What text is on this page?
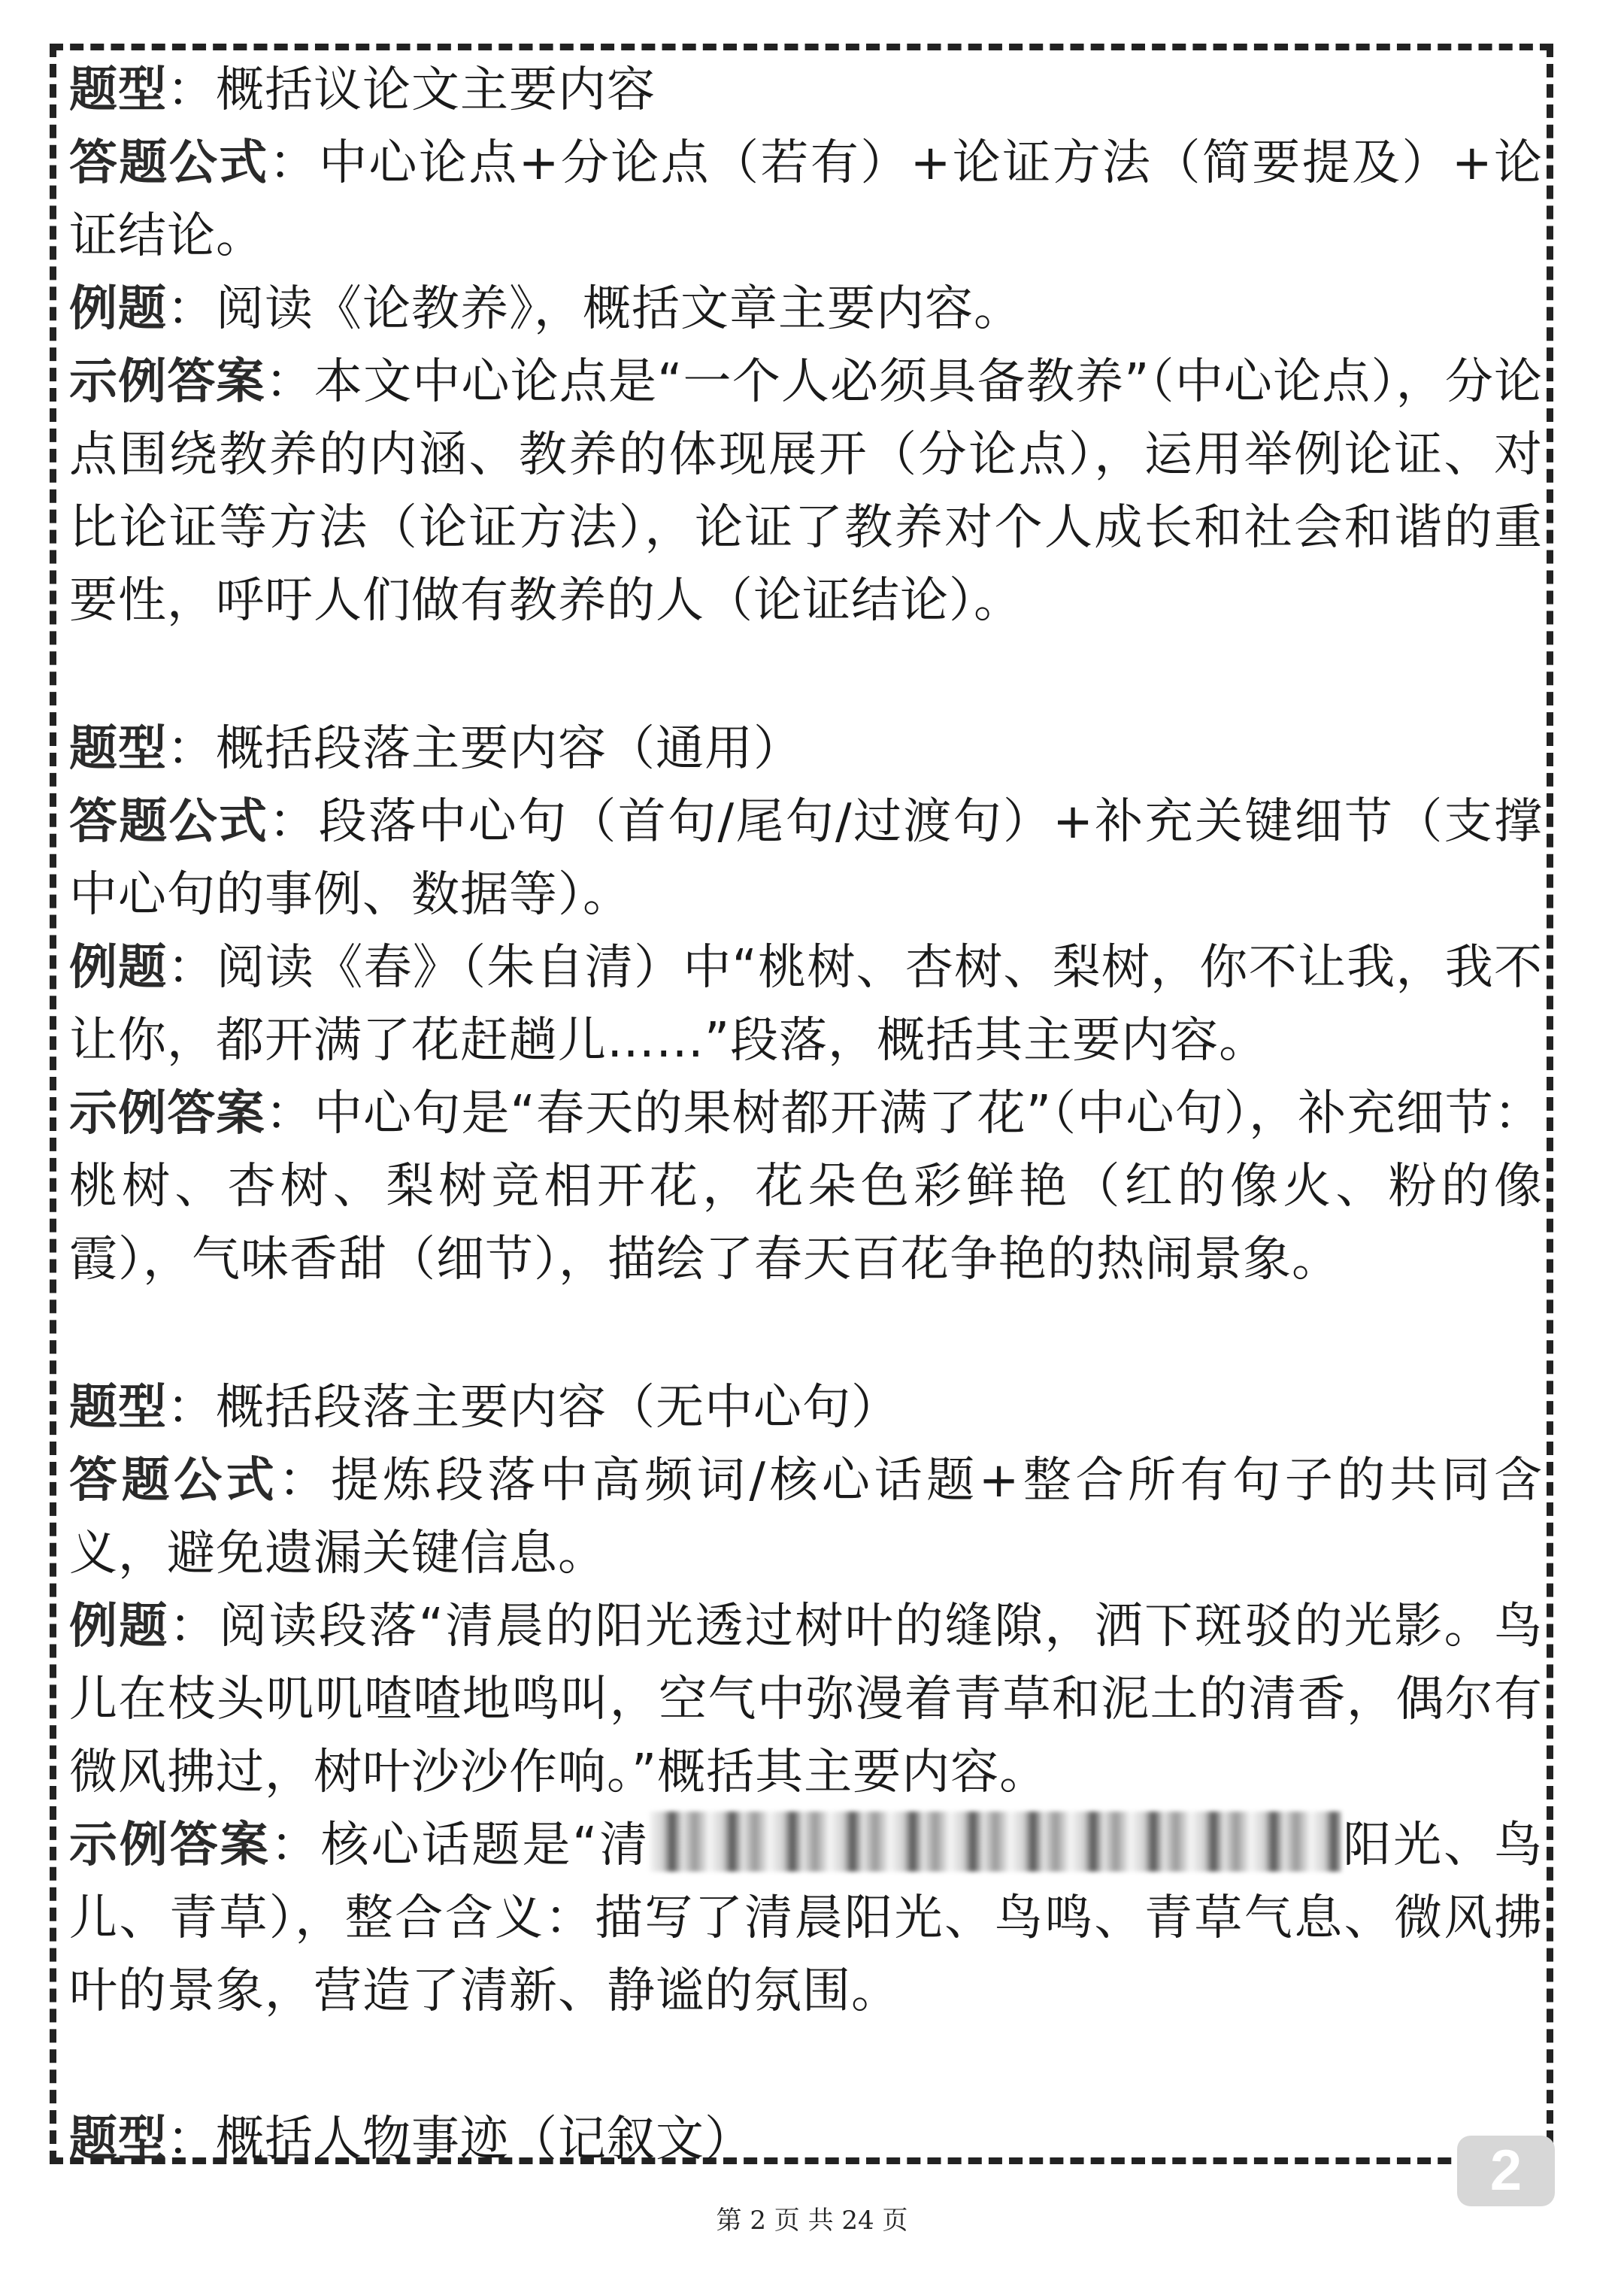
题型：概括议论文主要内容

答题公式：中心论点+分论点（若有）+论证方法（简要提及）+论证结论。

例题：阅读《论教养》，概括文章主要内容。

示例答案：本文中心论点是“一个人必须具备教养”（中心论点），分论点围绕教养的内涵、教养的体现展开（分论点），运用举例论证、对比论证等方法（论证方法），论证了教养对个人成长和社会和谐的重要性，呼吁人们做有教养的人（论证结论）。

题型：概括段落主要内容（通用）

答题公式：段落中心句（首句/尾句/过渡句）+补充关键细节（支撑中心句的事例、数据等）。

例题：阅读《春》（朱自清）中“桃树、杏树、梨树，你不让我，我不让你，都开满了花赶趟儿……”段落，概括其主要内容。

示例答案：中心句是“春天的果树都开满了花”（中心句），补充细节：桃树、杏树、梨树竞相开花，花朵色彩鲜艳（红的像火、粉的像霞），气味香甜（细节），描绘了春天百花争艳的热闹景象。

题型：概括段落主要内容（无中心句）

答题公式：提炼段落中高频词/核心话题+整合所有句子的共同含义，避免遗漏关键信息。

例题：阅读段落“清晨的阳光透过树叶的缝隙，洒下斑驳的光影。鸟儿在枝头叽叽喳喳地鸣叫，空气中弥漫着青草和泥土的清香，偶尔有微风拂过，树叶沙沙作响。”概括其主要内容。

示例答案：核心话题是“清	阳光、鸟儿、青草），整合含义：描写了清晨阳光、鸟鸣、青草气息、微风拂叶的景象，营造了清新、静谧的氛围。

题型：概括人物事迹（记叙文）	2
第 2 页 共 24 页
